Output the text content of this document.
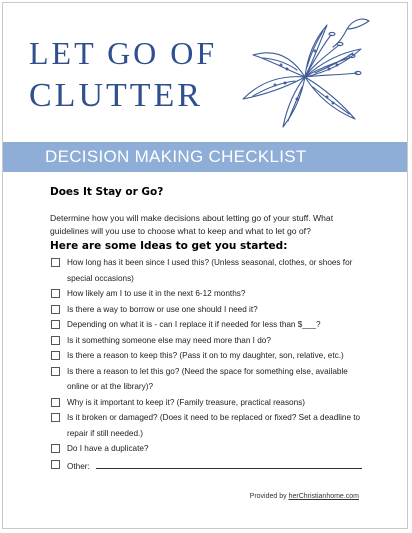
LET GO OF
CLUTTER
DECISION MAKING CHECKLIST
Does It Stay or Go?

Determine how you will make decisions about letting go of your stuff. What guidelines will you use to choose what to keep and what to let go of?

Here are some Ideas to get you started:
How long has it been since I used this? (Unless seasonal, clothes, or shoes for special occasions)
How likely am I to use it in the next 6-12 months?
Is there a way to borrow or use one should I need it?
Depending on what it is - can I replace it if needed for less than $___?
Is it something someone else may need more than I do?
Is there a reason to keep this? (Pass it on to my daughter, son, relative, etc.)
Is there a reason to let this go? (Need the space for something else, available online or at the library)?
Why is it important to keep it? (Family treasure, practical reasons)
Is it broken or damaged? (Does it need to be replaced or fixed? Set a deadline to repair if still needed.)
Do I have a duplicate?
Other:
Provided by herChristianhome.com
